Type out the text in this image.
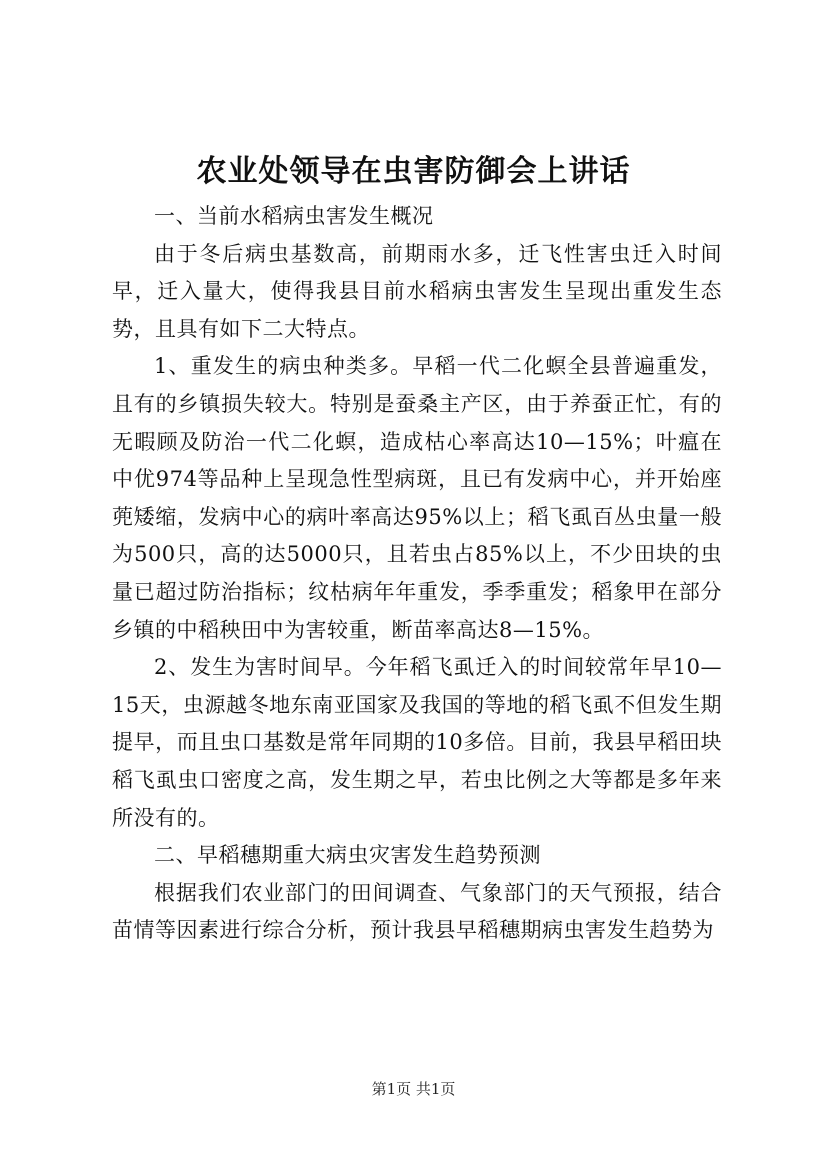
农业处领导在虫害防御会上讲话

一、当前水稻病虫害发生概况

由于冬后病虫基数高，前期雨水多，迁飞性害虫迁入时间早，迁入量大，使得我县目前水稻病虫害发生呈现出重发生态势，且具有如下二大特点。

1、重发生的病虫种类多。早稻一代二化螟全县普遍重发，且有的乡镇损失较大。特别是蚕桑主产区，由于养蚕正忙，有的无暇顾及防治一代二化螟，造成枯心率高达10—15%；叶瘟在中优974等品种上呈现急性型病斑，且已有发病中心，并开始座蔸矮缩，发病中心的病叶率高达95%以上；稻飞虱百丛虫量一般为500只，高的达5000只，且若虫占85%以上，不少田块的虫量已超过防治指标；纹枯病年年重发，季季重发；稻象甲在部分乡镇的中稻秧田中为害较重，断苗率高达8—15%。

2、发生为害时间早。今年稻飞虱迁入的时间较常年早10—15天，虫源越冬地东南亚国家及我国的等地的稻飞虱不但发生期提早，而且虫口基数是常年同期的10多倍。目前，我县早稻田块稻飞虱虫口密度之高，发生期之早，若虫比例之大等都是多年来所没有的。

二、早稻穗期重大病虫灾害发生趋势预测

根据我们农业部门的田间调查、气象部门的天气预报，结合苗情等因素进行综合分析，预计我县早稻穗期病虫害发生趋势为

第1页 共1页
